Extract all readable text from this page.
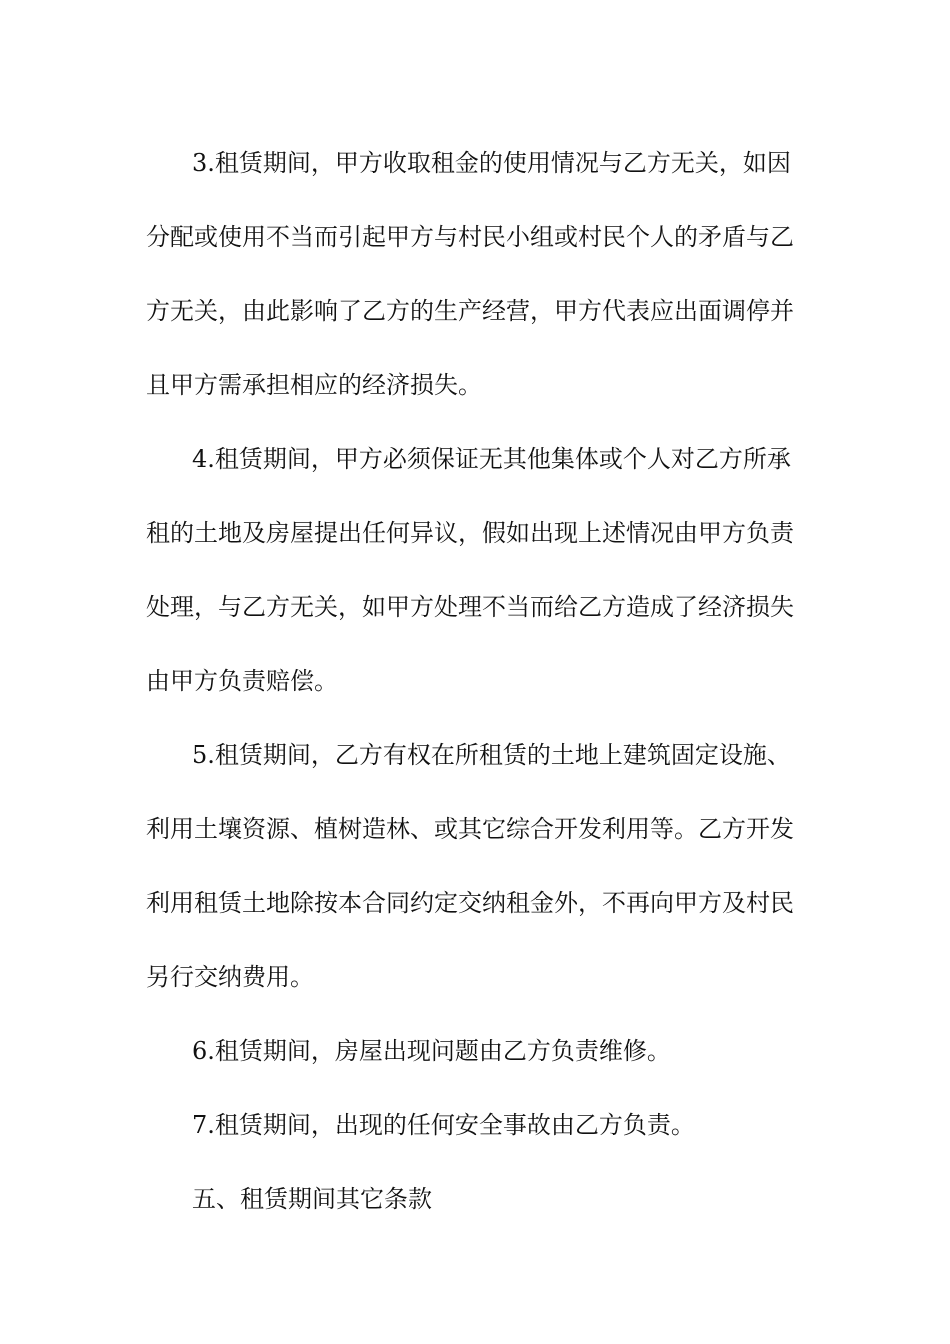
3.租赁期间，甲方收取租金的使用情况与乙方无关，如因
分配或使用不当而引起甲方与村民小组或村民个人的矛盾与乙
方无关，由此影响了乙方的生产经营，甲方代表应出面调停并
且甲方需承担相应的经济损失。
4.租赁期间，甲方必须保证无其他集体或个人对乙方所承
租的土地及房屋提出任何异议，假如出现上述情况由甲方负责
处理，与乙方无关，如甲方处理不当而给乙方造成了经济损失
由甲方负责赔偿。
5.租赁期间，乙方有权在所租赁的土地上建筑固定设施、
利用土壤资源、植树造林、或其它综合开发利用等。乙方开发
利用租赁土地除按本合同约定交纳租金外，不再向甲方及村民
另行交纳费用。
6.租赁期间，房屋出现问题由乙方负责维修。
7.租赁期间，出现的任何安全事故由乙方负责。
五、租赁期间其它条款
